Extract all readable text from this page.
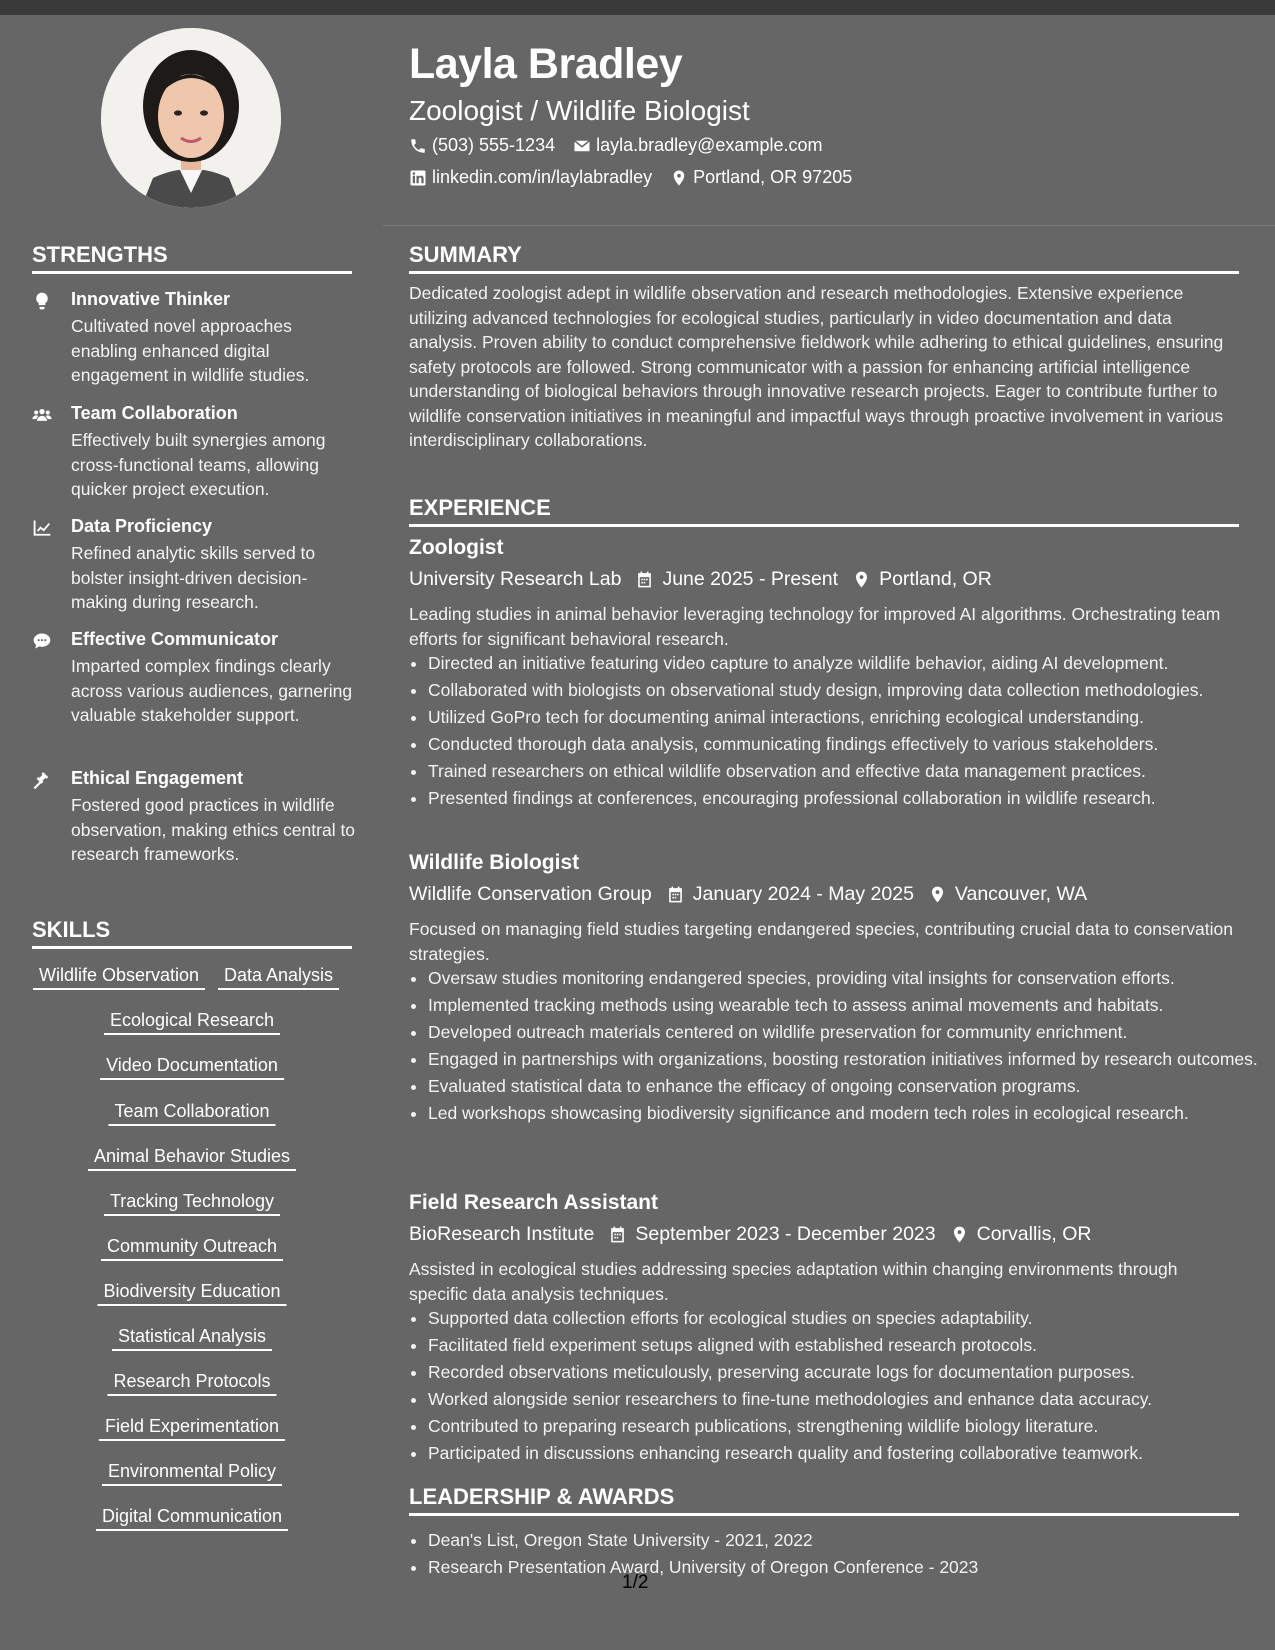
Layla Bradley
Zoologist / Wildlife Biologist
(503) 555-1234 layla.bradley@example.com
linkedin.com/in/laylabradley Portland, OR 97205
STRENGTHS
Innovative Thinker
Cultivated novel approaches enabling enhanced digital engagement in wildlife studies.
Team Collaboration
Effectively built synergies among cross-functional teams, allowing quicker project execution.
Data Proficiency
Refined analytic skills served to bolster insight-driven decision-making during research.
Effective Communicator
Imparted complex findings clearly across various audiences, garnering valuable stakeholder support.
Ethical Engagement
Fostered good practices in wildlife observation, making ethics central to research frameworks.
SKILLS
Wildlife Observation	Data Analysis
Ecological Research
Video Documentation
Team Collaboration
Animal Behavior Studies
Tracking Technology
Community Outreach
Biodiversity Education
Statistical Analysis
Research Protocols
Field Experimentation
Environmental Policy
Digital Communication
SUMMARY
Dedicated zoologist adept in wildlife observation and research methodologies. Extensive experience utilizing advanced technologies for ecological studies, particularly in video documentation and data analysis. Proven ability to conduct comprehensive fieldwork while adhering to ethical guidelines, ensuring safety protocols are followed. Strong communicator with a passion for enhancing artificial intelligence understanding of biological behaviors through innovative research projects. Eager to contribute further to wildlife conservation initiatives in meaningful and impactful ways through proactive involvement in various interdisciplinary collaborations.
EXPERIENCE
Zoologist
University Research Lab June 2025 - Present Portland, OR
Leading studies in animal behavior leveraging technology for improved AI algorithms. Orchestrating team efforts for significant behavioral research.
• Directed an initiative featuring video capture to analyze wildlife behavior, aiding AI development.
• Collaborated with biologists on observational study design, improving data collection methodologies.
• Utilized GoPro tech for documenting animal interactions, enriching ecological understanding.
• Conducted thorough data analysis, communicating findings effectively to various stakeholders.
• Trained researchers on ethical wildlife observation and effective data management practices.
• Presented findings at conferences, encouraging professional collaboration in wildlife research.
Wildlife Biologist
Wildlife Conservation Group January 2024 - May 2025 Vancouver, WA
Focused on managing field studies targeting endangered species, contributing crucial data to conservation strategies.
• Oversaw studies monitoring endangered species, providing vital insights for conservation efforts.
• Implemented tracking methods using wearable tech to assess animal movements and habitats.
• Developed outreach materials centered on wildlife preservation for community enrichment.
• Engaged in partnerships with organizations, boosting restoration initiatives informed by research outcomes.
• Evaluated statistical data to enhance the efficacy of ongoing conservation programs.
• Led workshops showcasing biodiversity significance and modern tech roles in ecological research.
Field Research Assistant
BioResearch Institute September 2023 - December 2023 Corvallis, OR
Assisted in ecological studies addressing species adaptation within changing environments through specific data analysis techniques.
• Supported data collection efforts for ecological studies on species adaptability.
• Facilitated field experiment setups aligned with established research protocols.
• Recorded observations meticulously, preserving accurate logs for documentation purposes.
• Worked alongside senior researchers to fine-tune methodologies and enhance data accuracy.
• Contributed to preparing research publications, strengthening wildlife biology literature.
• Participated in discussions enhancing research quality and fostering collaborative teamwork.
LEADERSHIP & AWARDS
• Dean's List, Oregon State University - 2021, 2022
• Research Presentation Award, University of Oregon Conference - 2023
1/2
